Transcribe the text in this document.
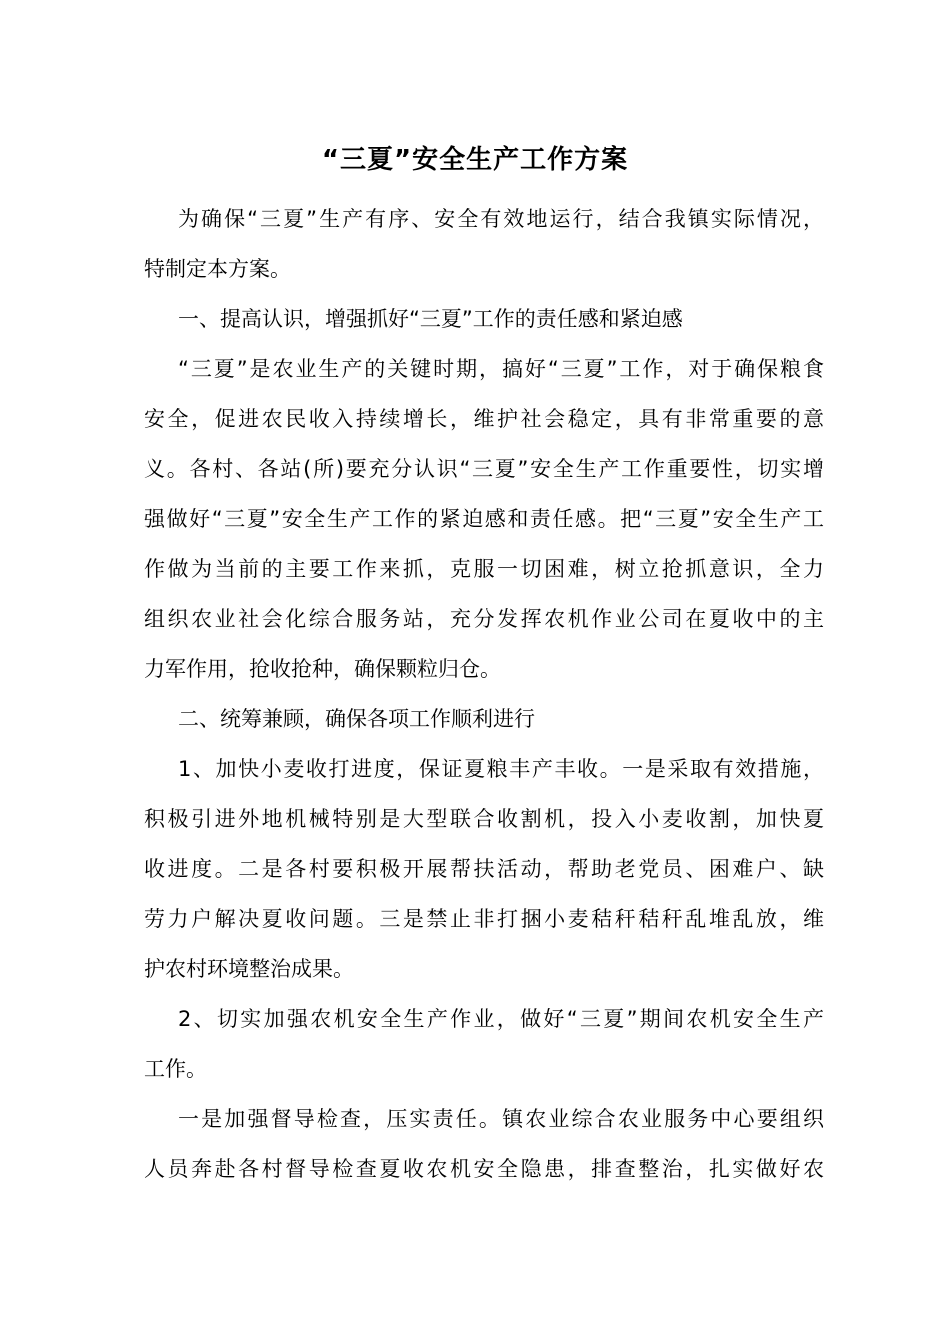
“三夏”安全生产工作方案
为确保“三夏”生产有序、安全有效地运行，结合我镇实际情况，
特制定本方案。
一、提高认识，增强抓好“三夏”工作的责任感和紧迫感
“三夏”是农业生产的关键时期，搞好“三夏”工作，对于确保粮食
安全，促进农民收入持续增长，维护社会稳定，具有非常重要的意
义。各村、各站(所)要充分认识“三夏”安全生产工作重要性，切实增
强做好“三夏”安全生产工作的紧迫感和责任感。把“三夏”安全生产工
作做为当前的主要工作来抓，克服一切困难，树立抢抓意识，全力
组织农业社会化综合服务站，充分发挥农机作业公司在夏收中的主
力军作用，抢收抢种，确保颗粒归仓。
二、统筹兼顾，确保各项工作顺利进行
1、加快小麦收打进度，保证夏粮丰产丰收。一是采取有效措施，
积极引进外地机械特别是大型联合收割机，投入小麦收割，加快夏
收进度。二是各村要积极开展帮扶活动，帮助老党员、困难户、缺
劳力户解决夏收问题。三是禁止非打捆小麦秸秆秸秆乱堆乱放，维
护农村环境整治成果。
2、切实加强农机安全生产作业，做好“三夏”期间农机安全生产
工作。
一是加强督导检查，压实责任。镇农业综合农业服务中心要组织
人员奔赴各村督导检查夏收农机安全隐患，排查整治，扎实做好农
